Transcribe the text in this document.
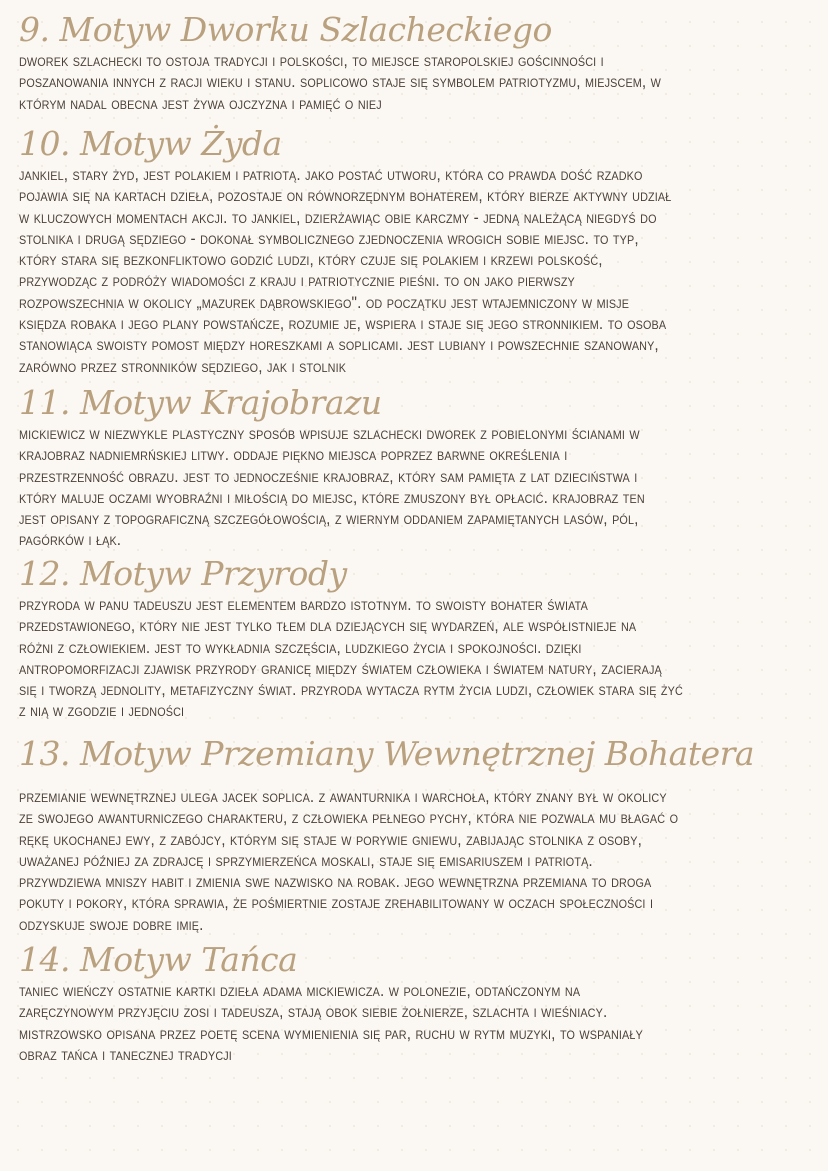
9. Motyw Dworku Szlacheckiego
dworek szlachecki to ostoja tradycji i polskości, to miejsce staropolskiej gościnności i
poszanowania innych z racji wieku i stanu. soplicowo staje się symbolem patriotyzmu, miejscem, w
którym nadal obecna jest żywa ojczyzna i pamięć o niej
10. Motyw Żyda
jankiel, stary żyd, jest polakiem i patriotą. jako postać utworu, która co prawda dość rzadko
pojawia się na kartach dzieła, pozostaje on równorzędnym bohaterem, który bierze aktywny udział
w kluczowych momentach akcji. to jankiel, dzierżawiąc obie karczmy - jedną należącą niegdyś do
stolnika i drugą sędziego - dokonał symbolicznego zjednoczenia wrogich sobie miejsc. to typ,
który stara się bezkonfliktowo godzić ludzi, który czuje się polakiem i krzewi polskość,
przywodząc z podróży wiadomości z kraju i patriotycznie pieśni. to on jako pierwszy
rozpowszechnia w okolicy „mazurek dąbrowskiego". od początku jest wtajemniczony w misje
księdza robaka i jego plany powstańcze, rozumie je, wspiera i staje się jego stronnikiem. to osoba
stanowiąca swoisty pomost między horeszkami a soplicami. jest lubiany i powszechnie szanowany,
zarówno przez stronników sędziego, jak i stolnik
11. Motyw Krajobrazu
mickiewicz w niezwykle plastyczny sposób wpisuje szlachecki dworek z pobielonymi ścianami w
krajobraz nadniemrńskiej litwy. oddaje piękno miejsca poprzez barwne określenia i
przestrzenność obrazu. jest to jednocześnie krajobraz, który sam pamięta z lat dzieciństwa i
który maluje oczami wyobraźni i miłością do miejsc, które zmuszony był opłacić. krajobraz ten
jest opisany z topograficzną szczegółowością, z wiernym oddaniem zapamiętanych lasów, pól,
pagórków i łąk.
12. Motyw Przyrody
przyroda w panu tadeuszu jest elementem bardzo istotnym. to swoisty bohater świata
przedstawionego, który nie jest tylko tłem dla dziejących się wydarzeń, ale współistnieje na
różni z człowiekiem. jest to wykładnia szczęścia, ludzkiego życia i spokojności. dzięki
antropomorfizacji zjawisk przyrody granicę między światem człowieka i światem natury, zacierają
się i tworzą jednolity, metafizyczny świat. przyroda wytacza rytm życia ludzi, człowiek stara się żyć
z nią w zgodzie i jedności
13. Motyw Przemiany Wewnętrznej Bohatera
przemianie wewnętrznej ulega jacek soplica. z awanturnika i warchoła, który znany był w okolicy
ze swojego awanturniczego charakteru, z człowieka pełnego pychy, która nie pozwala mu błagać o
rękę ukochanej ewy, z zabójcy, którym się staje w porywie gniewu, zabijając stolnika z osoby,
uważanej później za zdrajcę i sprzymierzeńca moskali, staje się emisariuszem i patriotą.
przywdziewa mniszy habit i zmienia swe nazwisko na robak. jego wewnętrzna przemiana to droga
pokuty i pokory, która sprawia, że pośmiertnie zostaje zrehabilitowany w oczach społeczności i
odzyskuje swoje dobre imię.
14. Motyw Tańca
taniec wieńczy ostatnie kartki dzieła adama mickiewicza. w polonezie, odtańczonym na
zaręczynowym przyjęciu zosi i tadeusza, stają obok siebie żołnierze, szlachta i wieśniacy.
mistrzowsko opisana przez poetę scena wymienienia się par, ruchu w rytm muzyki, to wspaniały
obraz tańca i tanecznej tradycji
